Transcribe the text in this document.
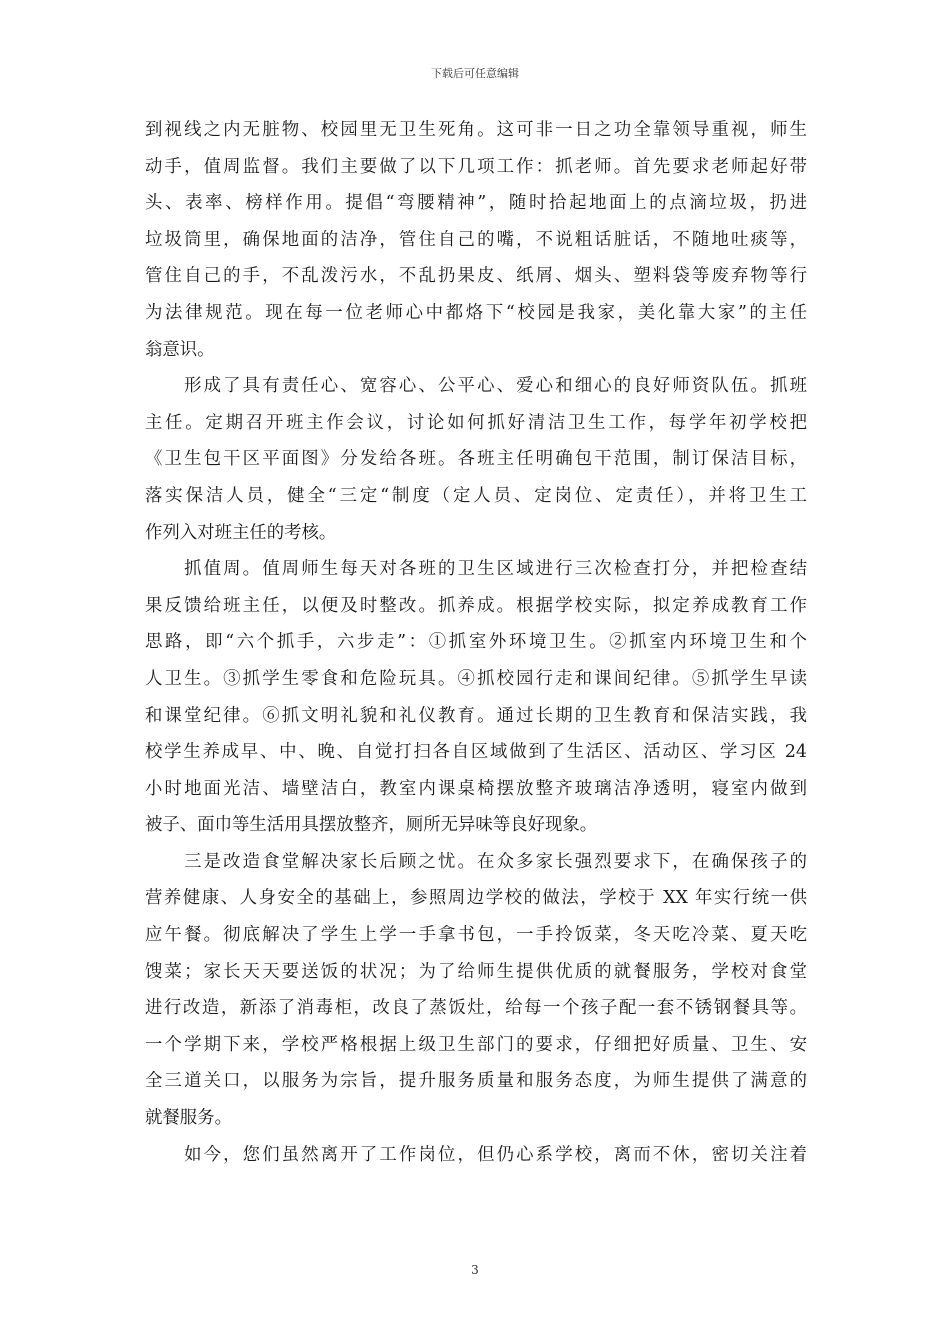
下载后可任意编辑
到视线之内无脏物、校园里无卫生死角。这可非一日之功全靠领导重视，师生
动手，值周监督。我们主要做了以下几项工作：抓老师。首先要求老师起好带
头、表率、榜样作用。提倡“弯腰精神”，随时拾起地面上的点滴垃圾，扔进
垃圾筒里，确保地面的洁净，管住自己的嘴，不说粗话脏话，不随地吐痰等，
管住自己的手，不乱泼污水，不乱扔果皮、纸屑、烟头、塑料袋等废弃物等行
为法律规范。现在每一位老师心中都烙下“校园是我家，美化靠大家”的主任
翁意识。
　　形成了具有责任心、宽容心、公平心、爱心和细心的良好师资队伍。抓班
主任。定期召开班主作会议，讨论如何抓好清洁卫生工作，每学年初学校把
《卫生包干区平面图》分发给各班。各班主任明确包干范围，制订保洁目标，
落实保洁人员，健全“三定“制度（定人员、定岗位、定责任），并将卫生工
作列入对班主任的考核。
　　抓值周。值周师生每天对各班的卫生区域进行三次检查打分，并把检查结
果反馈给班主任，以便及时整改。抓养成。根据学校实际，拟定养成教育工作
思路，即“六个抓手，六步走”：①抓室外环境卫生。②抓室内环境卫生和个
人卫生。③抓学生零食和危险玩具。④抓校园行走和课间纪律。⑤抓学生早读
和课堂纪律。⑥抓文明礼貌和礼仪教育。通过长期的卫生教育和保洁实践，我
校学生养成早、中、晚、自觉打扫各自区域做到了生活区、活动区、学习区 24
小时地面光洁、墙壁洁白，教室内课桌椅摆放整齐玻璃洁净透明，寝室内做到
被子、面巾等生活用具摆放整齐，厕所无异味等良好现象。
　　三是改造食堂解决家长后顾之忧。在众多家长强烈要求下，在确保孩子的
营养健康、人身安全的基础上，参照周边学校的做法，学校于 XX 年实行统一供
应午餐。彻底解决了学生上学一手拿书包，一手拎饭菜，冬天吃冷菜、夏天吃
馊菜；家长天天要送饭的状况；为了给师生提供优质的就餐服务，学校对食堂
进行改造，新添了消毒柜，改良了蒸饭灶，给每一个孩子配一套不锈钢餐具等。
一个学期下来，学校严格根据上级卫生部门的要求，仔细把好质量、卫生、安
全三道关口，以服务为宗旨，提升服务质量和服务态度，为师生提供了满意的
就餐服务。
　　如今，您们虽然离开了工作岗位，但仍心系学校，离而不休，密切关注着
3
